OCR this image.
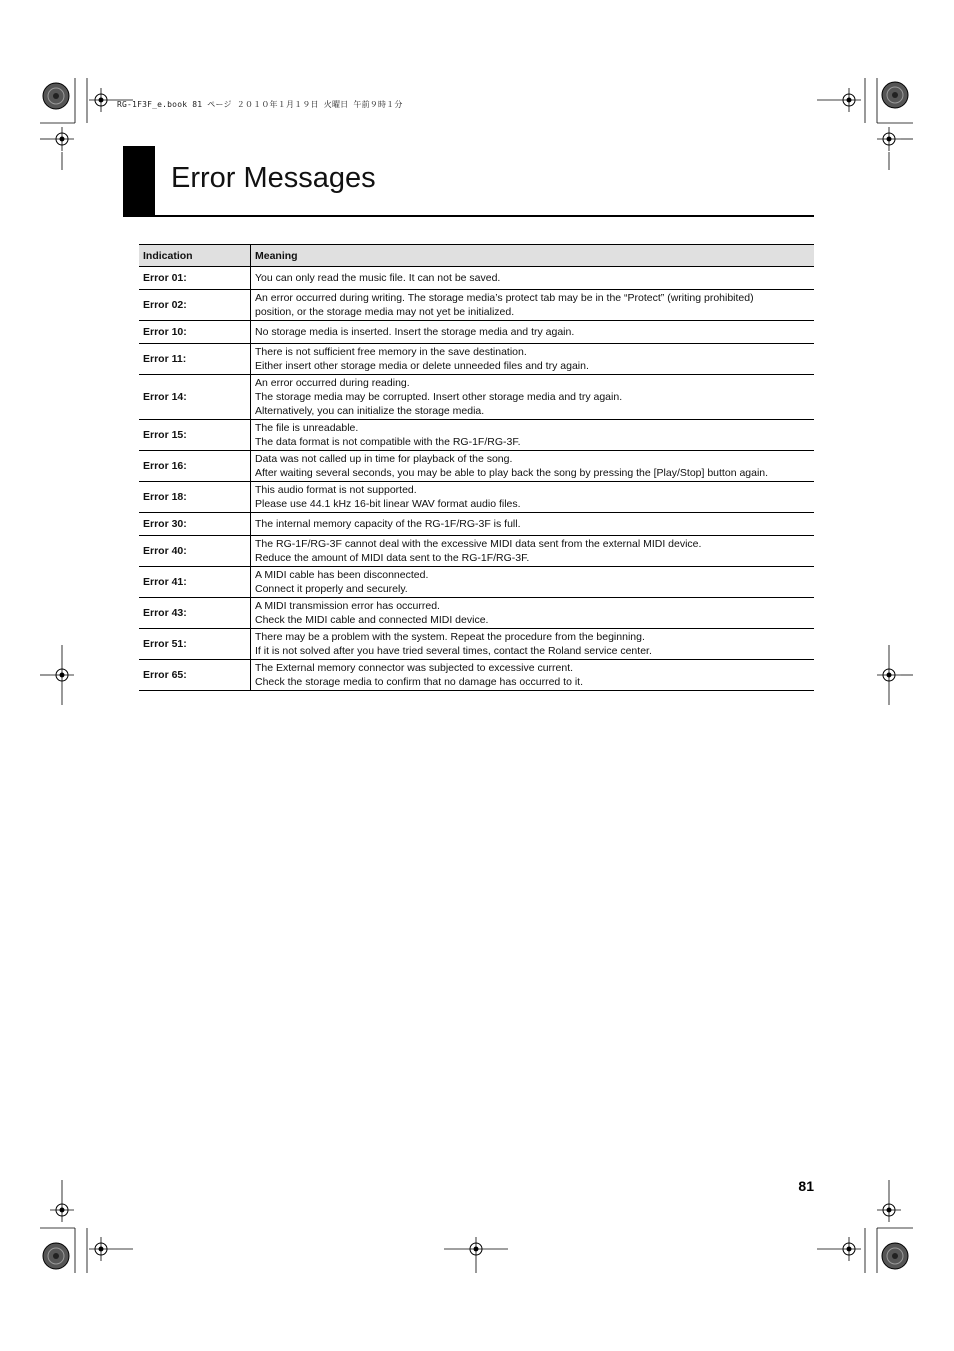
RG-1F3F_e.book 81 ページ ２０１０年１月１９日 火曜日 午前９時１分
Error Messages
Indication	Meaning
Error 01:	You can only read the music file. It can not be saved.

Error 02:	An error occurred during writing. The storage media’s protect tab may be in the “Protect” (writing prohibited)
position, or the storage media may not yet be initialized.

Error 10:	No storage media is inserted. Insert the storage media and try again.

Error 11:	There is not sufficient free memory in the save destination.
Either insert other storage media or delete unneeded files and try again.

Error 14:	An error occurred during reading.
The storage media may be corrupted. Insert other storage media and try again.
Alternatively, you can initialize the storage media.

Error 15:	The file is unreadable.
The data format is not compatible with the RG-1F/RG-3F.

Error 16:	Data was not called up in time for playback of the song.
After waiting several seconds, you may be able to play back the song by pressing the [Play/Stop] button again.

Error 18:	This audio format is not supported.
Please use 44.1 kHz 16-bit linear WAV format audio files.

Error 30:	The internal memory capacity of the RG-1F/RG-3F is full.

Error 40:	The RG-1F/RG-3F cannot deal with the excessive MIDI data sent from the external MIDI device.
Reduce the amount of MIDI data sent to the RG-1F/RG-3F.

Error 41:	A MIDI cable has been disconnected.
Connect it properly and securely.

Error 43:	A MIDI transmission error has occurred.
Check the MIDI cable and connected MIDI device.

Error 51:	There may be a problem with the system. Repeat the procedure from the beginning.
If it is not solved after you have tried several times, contact the Roland service center.

Error 65:	The External memory connector was subjected to excessive current.
Check the storage media to confirm that no damage has occurred to it.
81
